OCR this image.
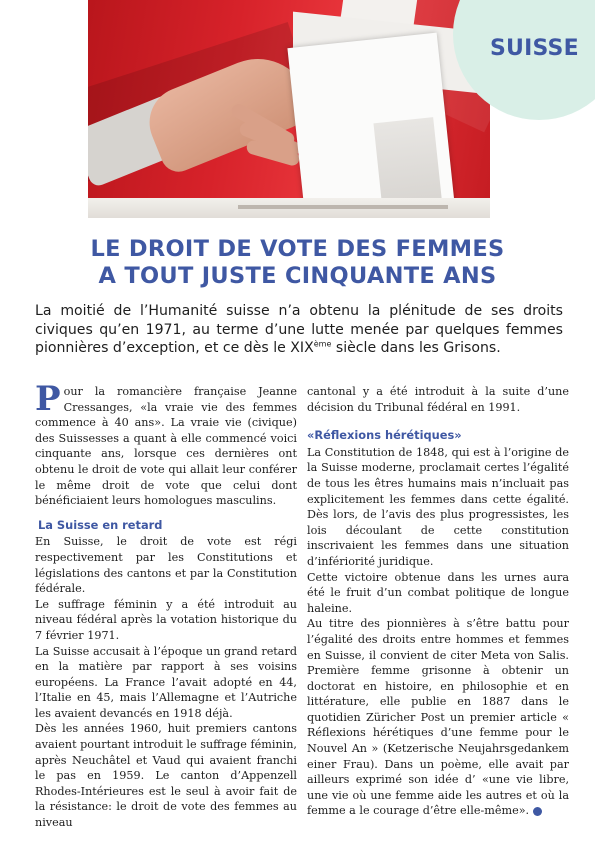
SUISSE
LE DROIT DE VOTE DES FEMMES
A TOUT JUSTE CINQUANTE ANS

La moitié de l’Humanité suisse n’a obtenu la plénitude de ses droits civiques qu’en 1971, au terme d’une lutte menée par quelques femmes pionnières d’exception, et ce dès le XIXème siècle dans les Grisons.

Pour la romancière française Jeanne Cressanges, «la vraie vie des femmes commence à 40 ans». La vraie vie (civique) des Suissesses a quant à elle commencé voici cinquante ans, lorsque ces dernières ont obtenu le droit de vote qui allait leur conférer le même droit de vote que celui dont bénéficiaient leurs homologues masculins.

La Suisse en retard

En Suisse, le droit de vote est régi respectivement par les Constitutions et législations des cantons et par la Constitution fédérale.

Le suffrage féminin y a été introduit au niveau fédéral après la votation historique du 7 février 1971.

La Suisse accusait à l’époque un grand retard en la matière par rapport à ses voisins européens. La France l’avait adopté en 44, l’Italie en 45, mais l’Allemagne et l’Autriche les avaient devancés en 1918 déjà.

Dès les années 1960, huit premiers cantons avaient pourtant introduit le suffrage féminin, après Neuchâtel et Vaud qui avaient franchi le pas en 1959. Le canton d’Appenzell Rhodes-Intérieures est le seul à avoir fait de la résistance: le droit de vote des femmes au niveau

cantonal y a été introduit à la suite d’une décision du Tribunal fédéral en 1991.

«Réflexions hérétiques»

La Constitution de 1848, qui est à l’origine de la Suisse moderne, proclamait certes l’égalité de tous les êtres humains mais n’incluait pas explicitement les femmes dans cette égalité. Dès lors, de l’avis des plus progressistes, les lois découlant de cette constitution inscrivaient les femmes dans une situation d’infériorité juridique.

Cette victoire obtenue dans les urnes aura été le fruit d’un combat politique de longue haleine.

Au titre des pionnières à s’être battu pour l’égalité des droits entre hommes et femmes en Suisse, il convient de citer Meta von Salis. Première femme grisonne à obtenir un doctorat en histoire, en philosophie et en littérature, elle publie en 1887 dans le quotidien Züricher Post un premier article « Réflexions hérétiques d’une femme pour le Nouvel An » (Ketzerische Neujahrsgedankem einer Frau). Dans un poème, elle avait par ailleurs exprimé son idée d’ «une vie libre, une vie où une femme aide les autres et où la femme a le courage d’être elle-même».
